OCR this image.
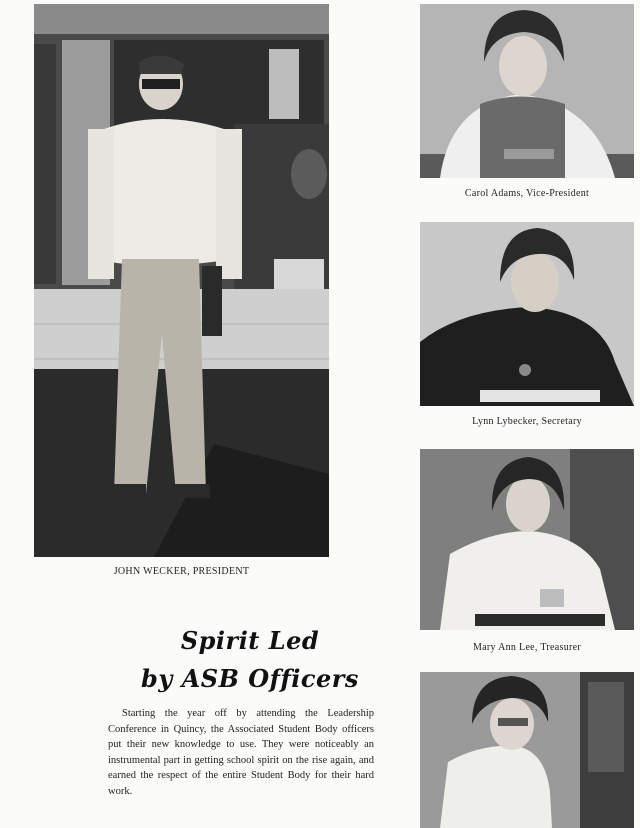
JOHN WECKER, PRESIDENT
Carol Adams, Vice-President
Lynn Lybecker, Secretary
Mary Ann Lee, Treasurer
Spirit Led
by ASB Officers

Starting the year off by attending the Leadership Conference in Quincy, the Associated Student Body officers put their new knowledge to use. They were noticeably an instrumental part in getting school spirit on the rise again, and earned the respect of the entire Student Body for their hard work.
